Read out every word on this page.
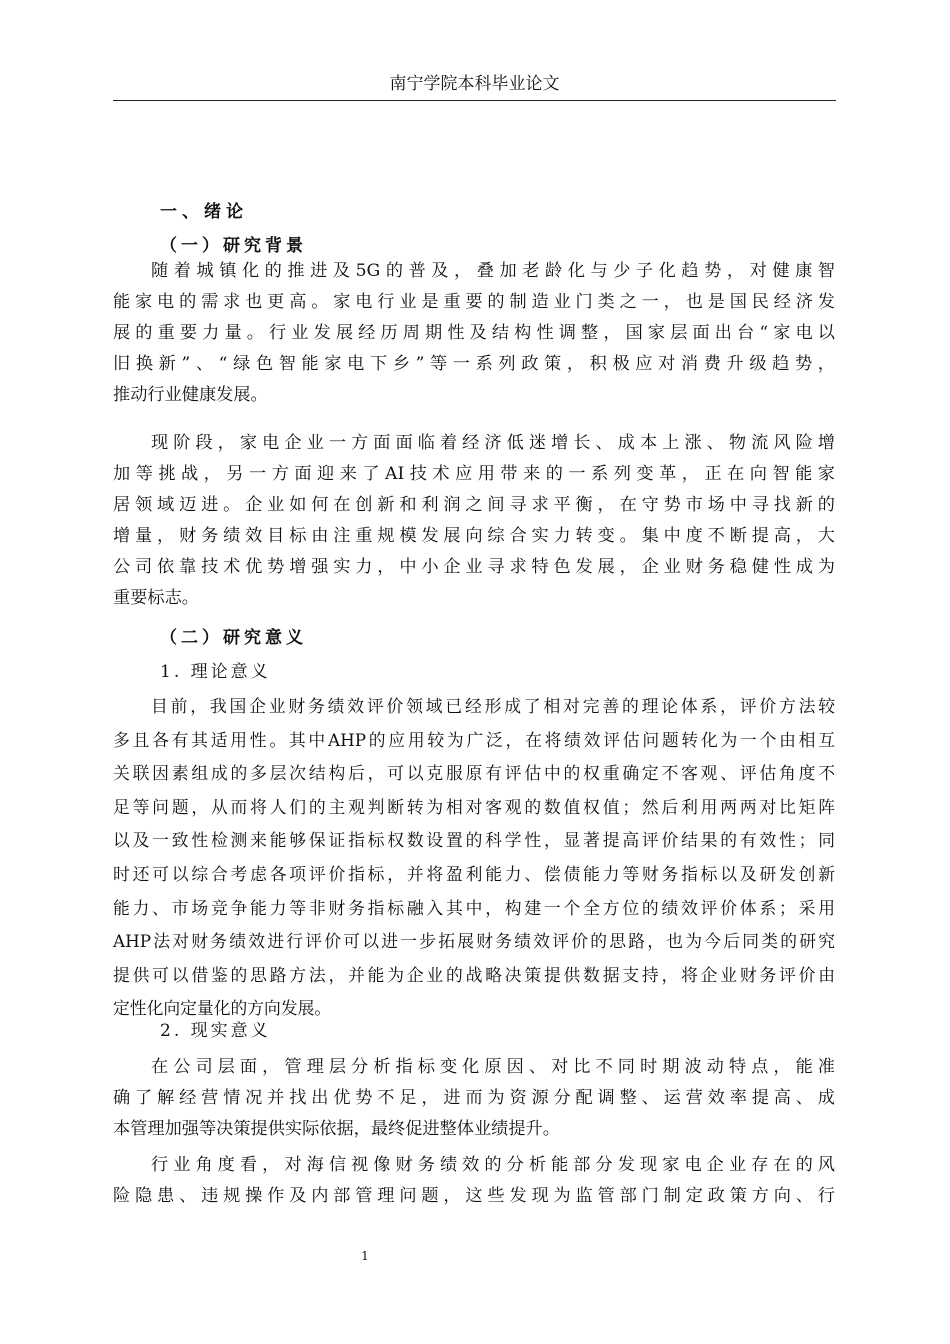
南宁学院本科毕业论文
一、绪论
（一）研究背景
随着城镇化的推进及5G的普及，叠加老龄化与少子化趋势，对健康智
能家电的需求也更高。家电行业是重要的制造业门类之一，也是国民经济发
展的重要力量。行业发展经历周期性及结构性调整，国家层面出台“家电以
旧换新”、“绿色智能家电下乡”等一系列政策，积极应对消费升级趋势，
推动行业健康发展。
现阶段，家电企业一方面面临着经济低迷增长、成本上涨、物流风险增
加等挑战，另一方面迎来了AI技术应用带来的一系列变革，正在向智能家
居领域迈进。企业如何在创新和利润之间寻求平衡，在守势市场中寻找新的
增量，财务绩效目标由注重规模发展向综合实力转变。集中度不断提高，大
公司依靠技术优势增强实力，中小企业寻求特色发展，企业财务稳健性成为
重要标志。
（二）研究意义
1. 理论意义
目前，我国企业财务绩效评价领域已经形成了相对完善的理论体系，评价方法较
多且各有其适用性。其中AHP的应用较为广泛，在将绩效评估问题转化为一个由相互
关联因素组成的多层次结构后，可以克服原有评估中的权重确定不客观、评估角度不
足等问题，从而将人们的主观判断转为相对客观的数值权值；然后利用两两对比矩阵
以及一致性检测来能够保证指标权数设置的科学性，显著提高评价结果的有效性；同
时还可以综合考虑各项评价指标，并将盈利能力、偿债能力等财务指标以及研发创新
能力、市场竞争能力等非财务指标融入其中，构建一个全方位的绩效评价体系；采用
AHP法对财务绩效进行评价可以进一步拓展财务绩效评价的思路，也为今后同类的研究
提供可以借鉴的思路方法，并能为企业的战略决策提供数据支持，将企业财务评价由
定性化向定量化的方向发展。
2. 现实意义
在公司层面，管理层分析指标变化原因、对比不同时期波动特点，能准
确了解经营情况并找出优势不足，进而为资源分配调整、运营效率提高、成
本管理加强等决策提供实际依据，最终促进整体业绩提升。
行业角度看，对海信视像财务绩效的分析能部分发现家电企业存在的风
险隐患、违规操作及内部管理问题，这些发现为监管部门制定政策方向、行
1
